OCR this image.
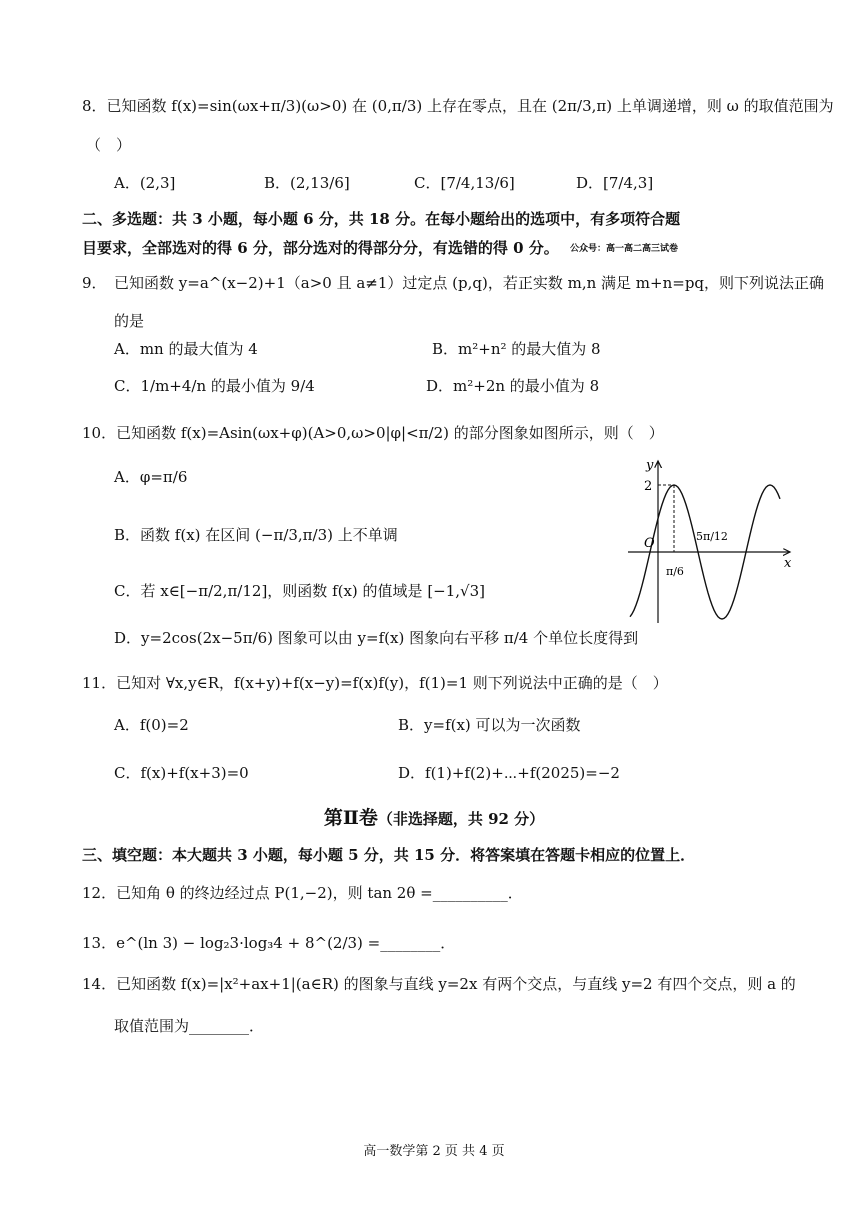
8．已知函数 f(x)=sin(ωx+π/3)(ω>0) 在 (0,π/3) 上存在零点，且在 (2π/3,π) 上单调递增，则 ω 的取值范围为
（　）
A．(2,3]	B．(2,13/6]	C．[7/4,13/6]	D．[7/4,3]
二、多选题：共 3 小题，每小题 6 分，共 18 分。在每小题给出的选项中，有多项符合题
目要求，全部选对的得 6 分，部分选对的得部分分，有选错的得 0 分。 公众号：高一高二高三试卷
9．　已知函数 y=a^(x−2)+1（a>0 且 a≠1）过定点 (p,q)，若正实数 m,n 满足 m+n=pq，则下列说法正确
的是
A．mn 的最大值为 4	B．m²+n² 的最大值为 8
C．1/m+4/n 的最小值为 9/4	D．m²+2n 的最小值为 8
10．已知函数 f(x)=Asin(ωx+φ)(A>0,ω>0|φ|<π/2) 的部分图象如图所示，则（　）
A．φ=π/6
B．函数 f(x) 在区间 (−π/3,π/3) 上不单调
C．若 x∈[−π/2,π/12]，则函数 f(x) 的值域是 [−1,√3]
D．y=2cos(2x−5π/6) 图象可以由 y=f(x) 图象向右平移 π/4 个单位长度得到
y
x
O
2
π/6
5π/12
11．已知对 ∀x,y∈R，f(x+y)+f(x−y)=f(x)f(y)，f(1)=1 则下列说法中正确的是（　）
A．f(0)=2	B．y=f(x) 可以为一次函数
C．f(x)+f(x+3)=0	D．f(1)+f(2)+⋯+f(2025)=−2
第Ⅱ卷（非选择题，共 92 分）
三、填空题：本大题共 3 小题，每小题 5 分，共 15 分．将答案填在答题卡相应的位置上．
12．已知角 θ 的终边经过点 P(1,−2)，则 tan 2θ =__________．
13．e^(ln 3) − log₂3·log₃4 + 8^(2/3) =________．
14．已知函数 f(x)=|x²+ax+1|(a∈R) 的图象与直线 y=2x 有两个交点，与直线 y=2 有四个交点，则 a 的
取值范围为________．
高一数学第 2 页 共 4 页
